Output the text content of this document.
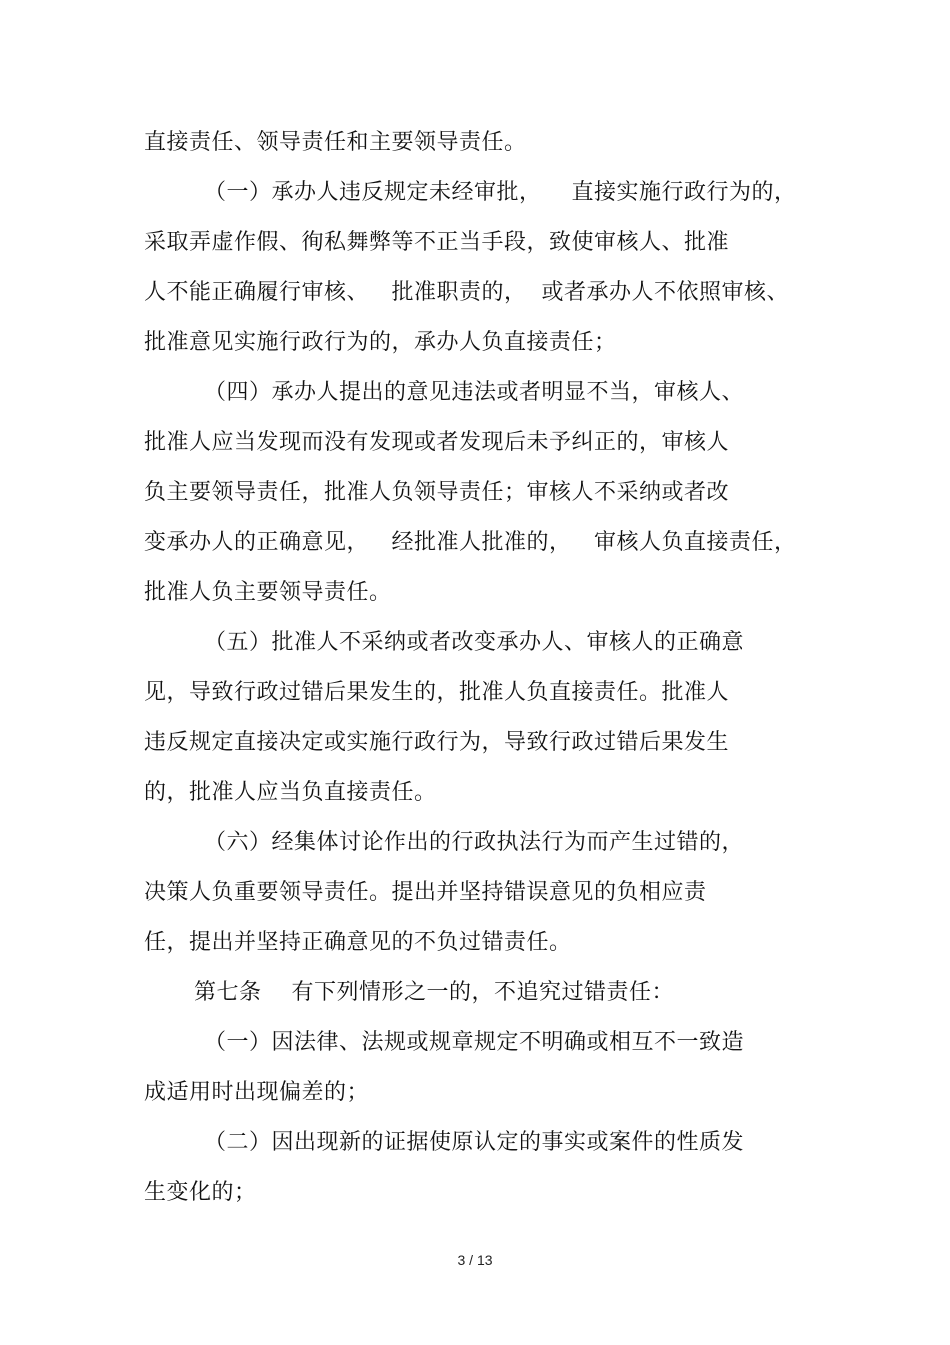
直接责任、领导责任和主要领导责任。
（一）承办人违反规定未经审批，    直接实施行政行为的，
采取弄虚作假、徇私舞弊等不正当手段，致使审核人、批准
人不能正确履行审核、   批准职责的，  或者承办人不依照审核、
批准意见实施行政行为的，承办人负直接责任；
（四）承办人提出的意见违法或者明显不当，审核人、
批准人应当发现而没有发现或者发现后未予纠正的，审核人
负主要领导责任，批准人负领导责任；审核人不采纳或者改
变承办人的正确意见，   经批准人批准的，   审核人负直接责任，
批准人负主要领导责任。
（五）批准人不采纳或者改变承办人、审核人的正确意
见，导致行政过错后果发生的，批准人负直接责任。批准人
违反规定直接决定或实施行政行为，导致行政过错后果发生
的，批准人应当负直接责任。
（六）经集体讨论作出的行政执法行为而产生过错的，
决策人负重要领导责任。提出并坚持错误意见的负相应责
任，提出并坚持正确意见的不负过错责任。
第七条    有下列情形之一的，不追究过错责任：
（一）因法律、法规或规章规定不明确或相互不一致造
成适用时出现偏差的；
（二）因出现新的证据使原认定的事实或案件的性质发
生变化的；
3 / 13
